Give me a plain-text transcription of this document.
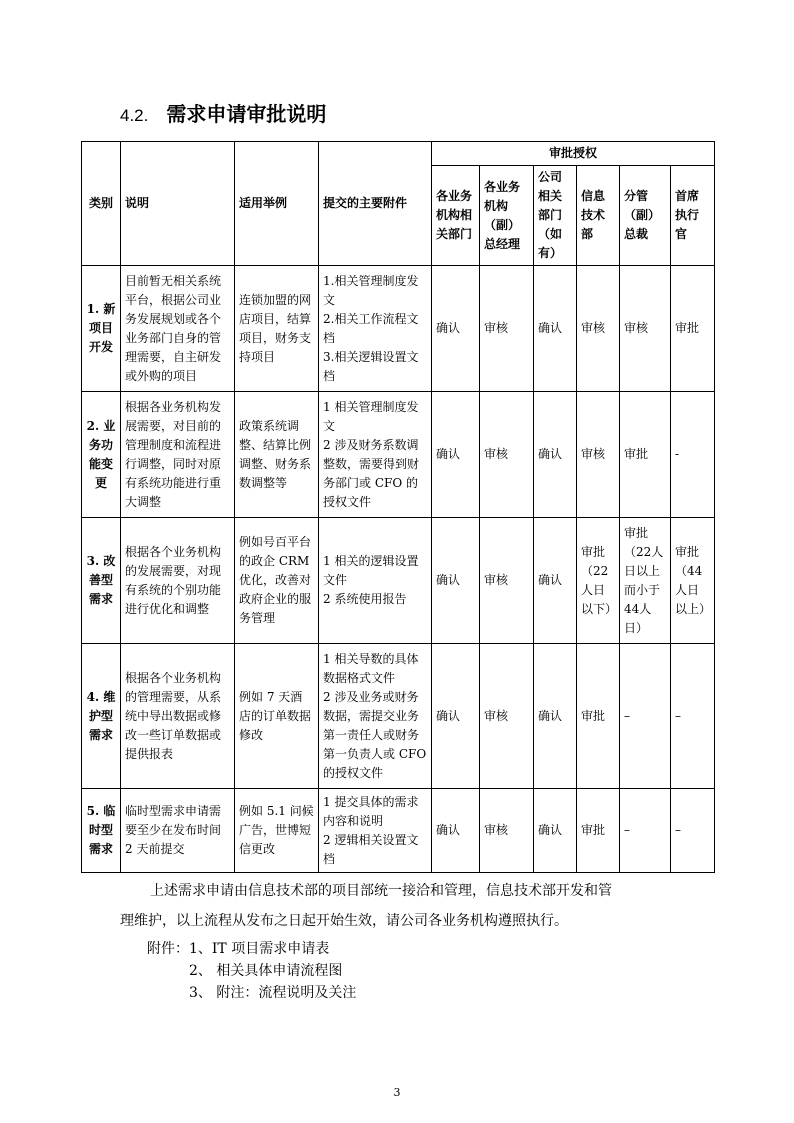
4.2. 需求申请审批说明
类别	说明	适用举例	提交的主要附件	审批授权					
				各业务机构相关部门	各业务机构（副）总经理	公司相关部门（如有）	信息技术部	分管（副）总裁	首席执行官
1. 新项目开发	目前暂无相关系统平台，根据公司业务发展规划或各个业务部门自身的管理需要，自主研发或外购的项目	连锁加盟的网店项目，结算项目，财务支持项目	1.相关管理制度发文
2.相关工作流程文档
3.相关逻辑设置文档	确认	审核	确认	审核	审核	审批
2. 业务功能变更	根据各业务机构发展需要，对目前的管理制度和流程进行调整，同时对原有系统功能进行重大调整	政策系统调整、结算比例调整、财务系数调整等	1 相关管理制度发文
2 涉及财务系数调整数，需要得到财务部门或 CFO 的授权文件	确认	审核	确认	审核	审批	-
3. 改善型需求	根据各个业务机构的发展需要，对现有系统的个别功能进行优化和调整	例如号百平台的政企 CRM 优化，改善对政府企业的服务管理	1 相关的逻辑设置文件
2 系统使用报告	确认	审核	确认	审批（22人日以下）	审批（22人日以上而小于44人日）	审批（44人日以上）
4. 维护型需求	根据各个业务机构的管理需要，从系统中导出数据或修改一些订单数据或提供报表	例如 7 天酒店的订单数据修改	1 相关导数的具体数据格式文件
2 涉及业务或财务数据，需提交业务第一责任人或财务第一负责人或 CFO 的授权文件	确认	审核	确认	审批	–	–
5. 临时型需求	临时型需求申请需要至少在发布时间 2 天前提交	例如 5.1 问候广告，世博短信更改	1 提交具体的需求内容和说明
2 逻辑相关设置文档	确认	审核	确认	审批	–	–
上述需求申请由信息技术部的项目部统一接洽和管理，信息技术部开发和管
理维护，以上流程从发布之日起开始生效，请公司各业务机构遵照执行。
附件：1、IT 项目需求申请表
2、 相关具体申请流程图
3、 附注：流程说明及关注
3
